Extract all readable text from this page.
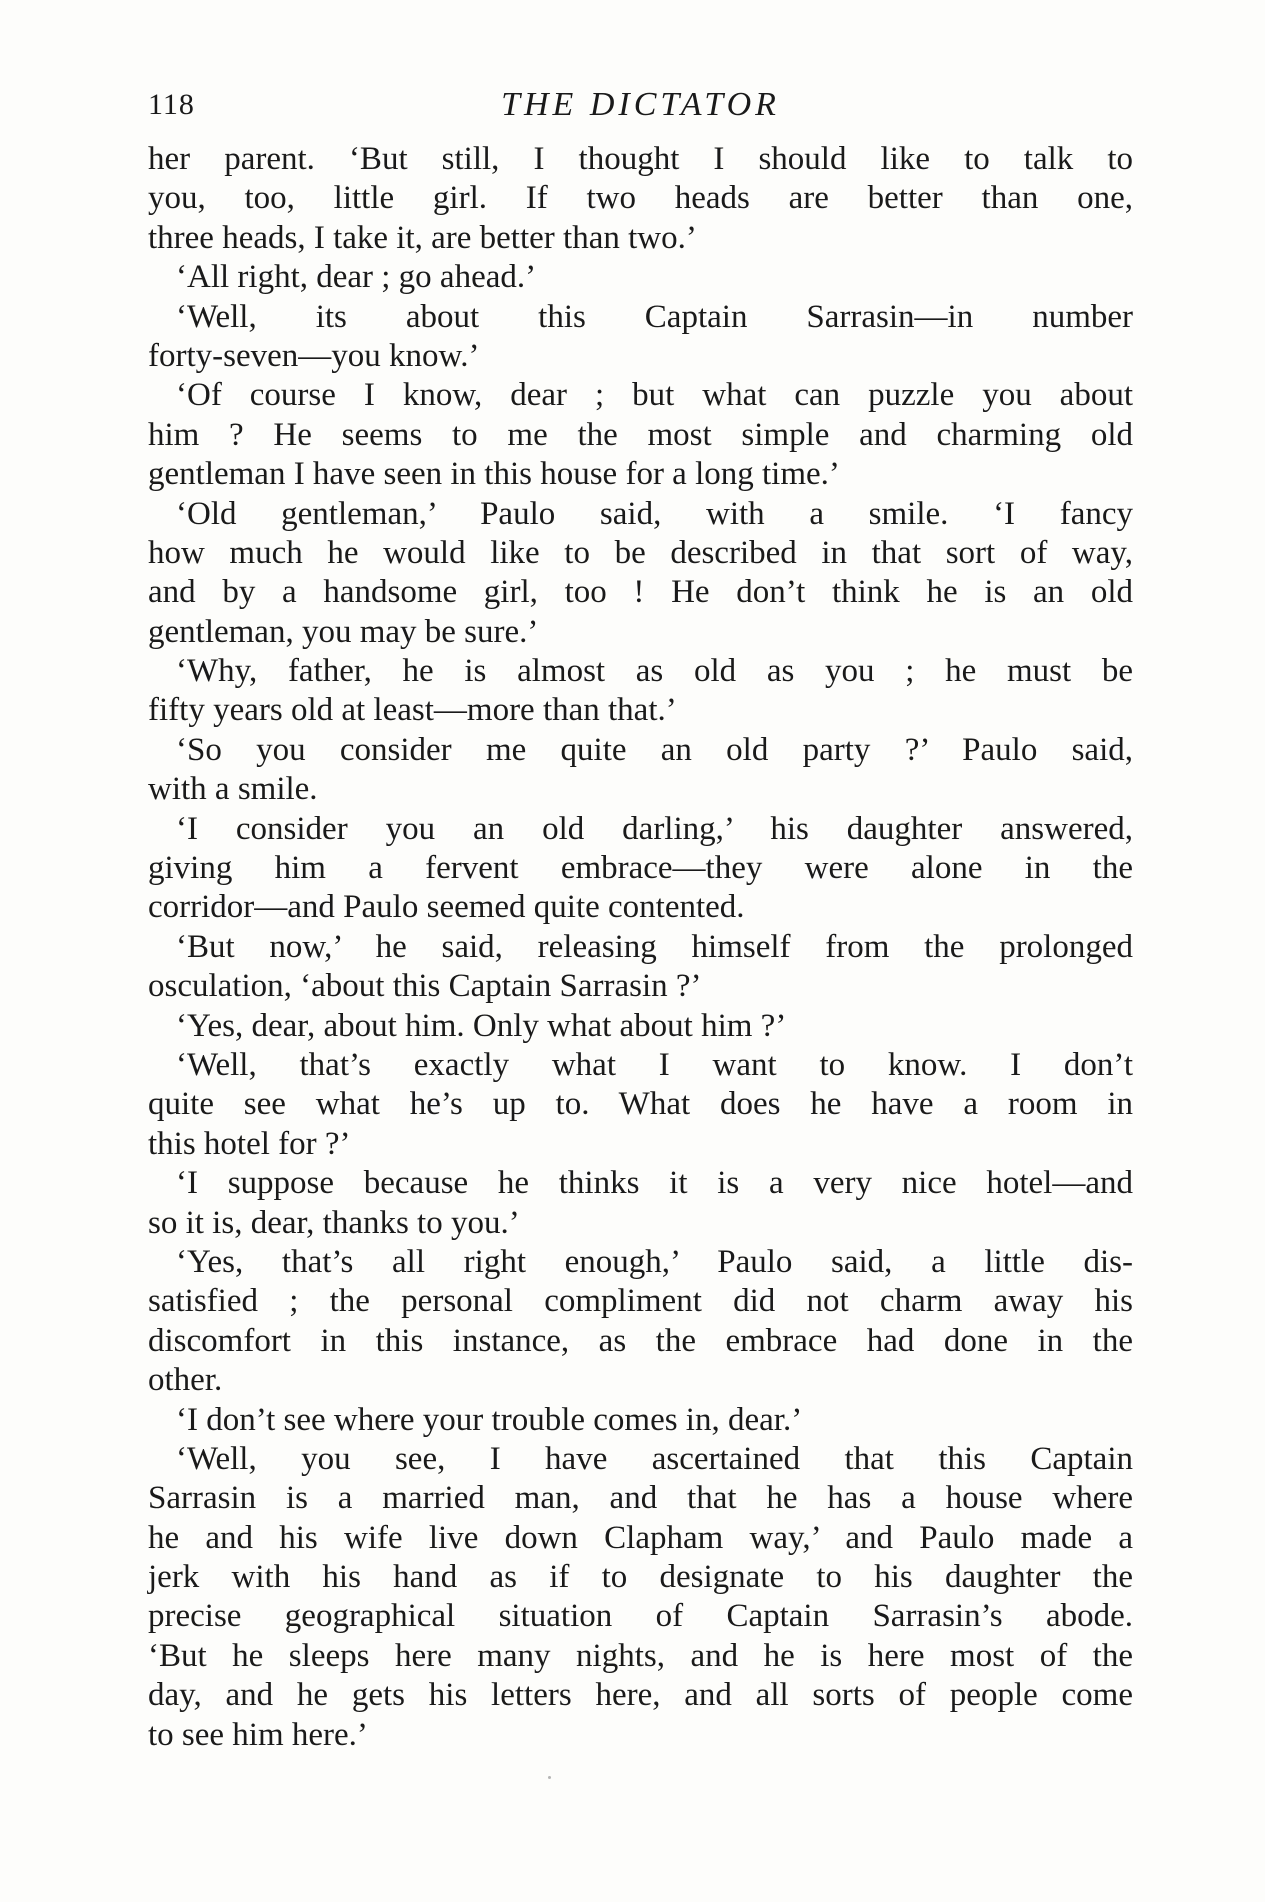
118	THE DICTATOR
her parent. ‘But still, I thought I should like to talk to
you, too, little girl. If two heads are better than one,
three heads, I take it, are better than two.’
‘All right, dear ; go ahead.’
‘Well, its about this Captain Sarrasin—in number
forty-seven—you know.’
‘Of course I know, dear ; but what can puzzle you about
him ? He seems to me the most simple and charming old
gentleman I have seen in this house for a long time.’
‘Old gentleman,’ Paulo said, with a smile. ‘I fancy
how much he would like to be described in that sort of way,
and by a handsome girl, too ! He don’t think he is an old
gentleman, you may be sure.’
‘Why, father, he is almost as old as you ; he must be
fifty years old at least—more than that.’
‘So you consider me quite an old party ?’ Paulo said,
with a smile.
‘I consider you an old darling,’ his daughter answered,
giving him a fervent embrace—they were alone in the
corridor—and Paulo seemed quite contented.
‘But now,’ he said, releasing himself from the prolonged
osculation, ‘about this Captain Sarrasin ?’
‘Yes, dear, about him. Only what about him ?’
‘Well, that’s exactly what I want to know. I don’t
quite see what he’s up to. What does he have a room in
this hotel for ?’
‘I suppose because he thinks it is a very nice hotel—and
so it is, dear, thanks to you.’
‘Yes, that’s all right enough,’ Paulo said, a little dis-
satisfied ; the personal compliment did not charm away his
discomfort in this instance, as the embrace had done in the
other.
‘I don’t see where your trouble comes in, dear.’
‘Well, you see, I have ascertained that this Captain
Sarrasin is a married man, and that he has a house where
he and his wife live down Clapham way,’ and Paulo made a
jerk with his hand as if to designate to his daughter the
precise geographical situation of Captain Sarrasin’s abode.
‘But he sleeps here many nights, and he is here most of the
day, and he gets his letters here, and all sorts of people come
to see him here.’
